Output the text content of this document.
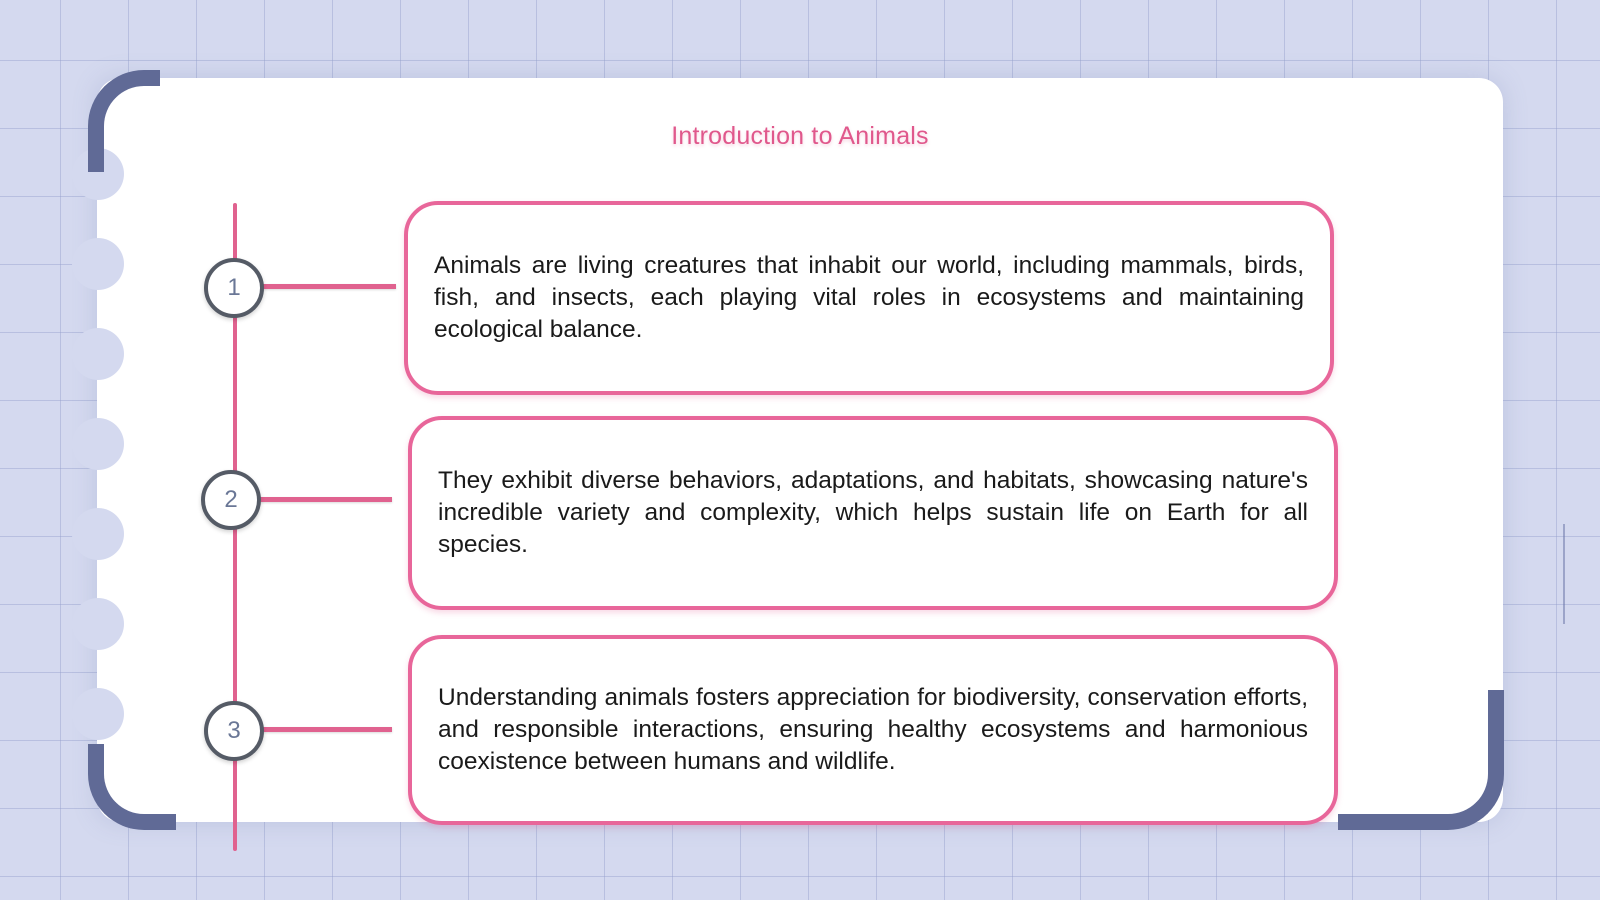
Introduction to Animals
1
2
3

Animals are living creatures that inhabit our world, including mammals, birds, fish, and insects, each playing vital roles in ecosystems and maintaining ecological balance.

They exhibit diverse behaviors, adaptations, and habitats, showcasing nature's incredible variety and complexity, which helps sustain life on Earth for all species.

Understanding animals fosters appreciation for biodiversity, conservation efforts, and responsible interactions, ensuring healthy ecosystems and harmonious coexistence between humans and wildlife.
